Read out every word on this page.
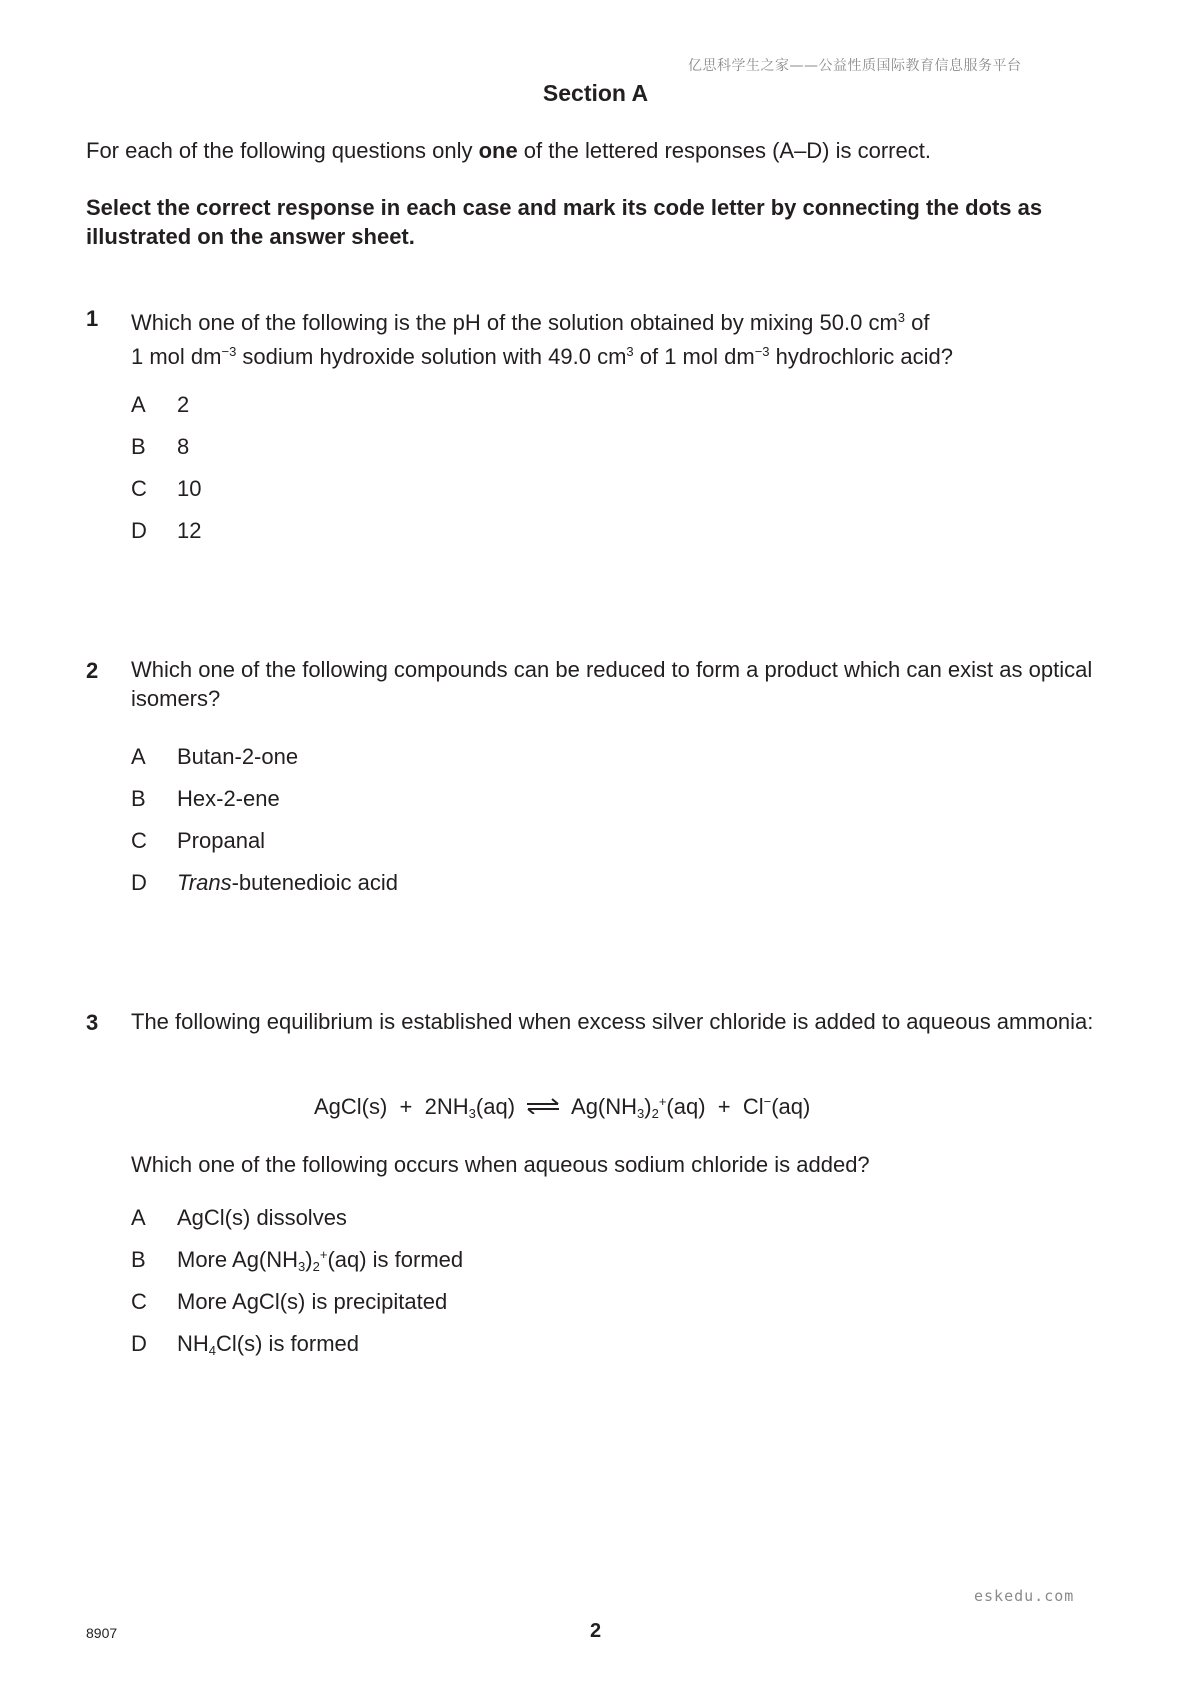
亿思科学生之家——公益性质国际教育信息服务平台
Section A
For each of the following questions only one of the lettered responses (A–D) is correct.
Select the correct response in each case and mark its code letter by connecting the dots as illustrated on the answer sheet.
1 Which one of the following is the pH of the solution obtained by mixing 50.0 $cm^3$ of
1 mol $dm^{-3}$ sodium hydroxide solution with 49.0 $cm^3$ of 1 mol $dm^{-3}$ hydrochloric acid?
A 2
B 8
C 10
D 12
2 Which one of the following compounds can be reduced to form a product which can exist as optical isomers?
A Butan-2-one
B Hex-2-ene
C Propanal
D Trans-butenedioic acid
3 The following equilibrium is established when excess silver chloride is added to aqueous ammonia:
AgCl(s)  +  $2NH_3(aq)$ ⇌ $Ag(NH_3)_2^+(aq) + Cl^-(aq)$
Which one of the following occurs when aqueous sodium chloride is added?
A AgCl(s) dissolves
B More $Ag(NH_3)_2^+(aq)$ is formed
C More AgCl(s) is precipitated
D $NH_4Cl(s)$ is formed
eskedu.com
8907	2
